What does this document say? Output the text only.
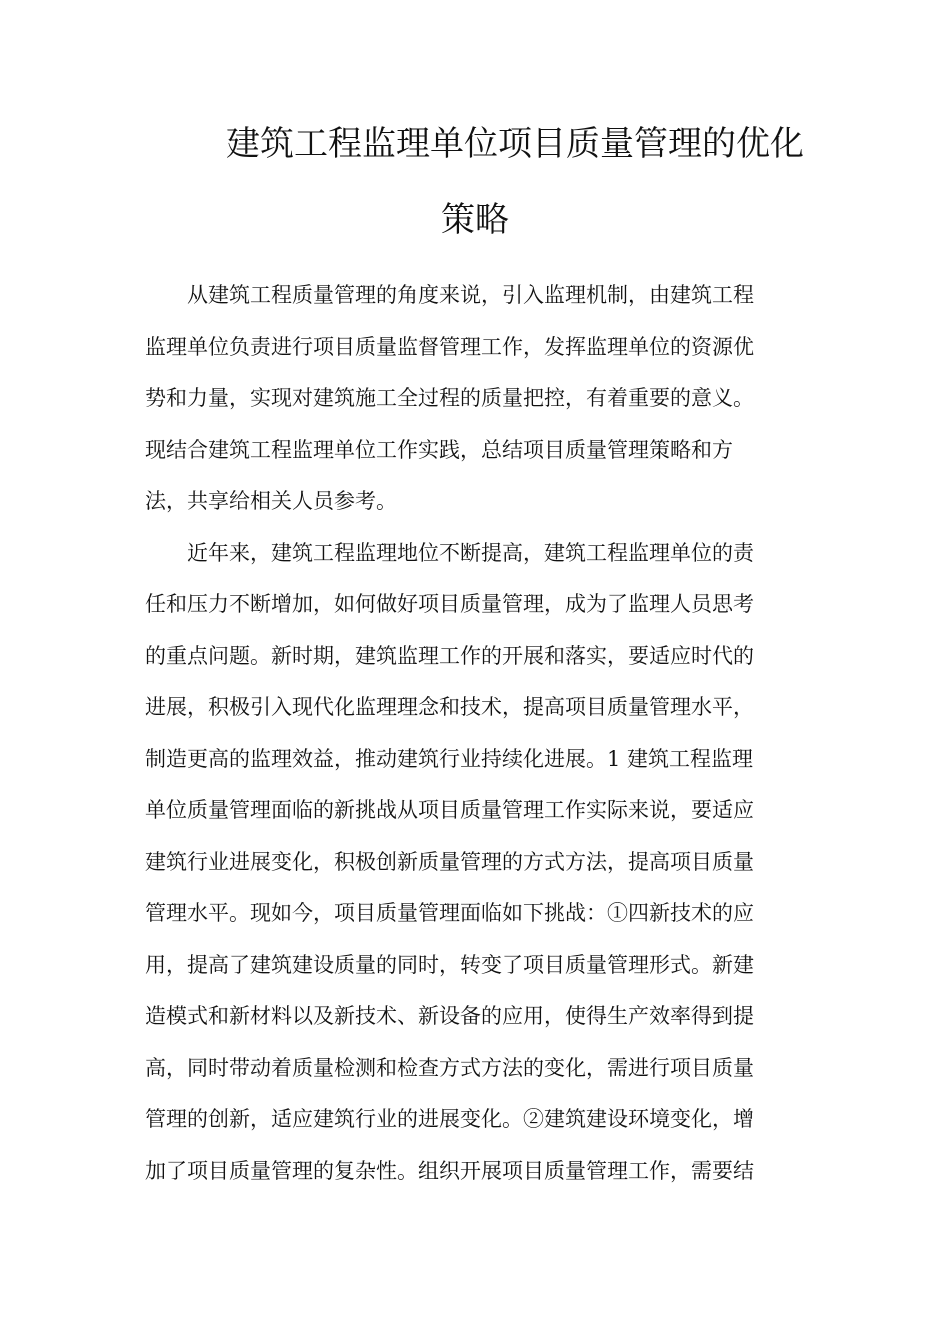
建筑工程监理单位项目质量管理的优化
策略
从建筑工程质量管理的角度来说，引入监理机制，由建筑工程
监理单位负责进行项目质量监督管理工作，发挥监理单位的资源优
势和力量，实现对建筑施工全过程的质量把控，有着重要的意义。
现结合建筑工程监理单位工作实践，总结项目质量管理策略和方
法，共享给相关人员参考。
近年来，建筑工程监理地位不断提高，建筑工程监理单位的责
任和压力不断增加，如何做好项目质量管理，成为了监理人员思考
的重点问题。新时期，建筑监理工作的开展和落实，要适应时代的
进展，积极引入现代化监理理念和技术，提高项目质量管理水平，
制造更高的监理效益，推动建筑行业持续化进展。1 建筑工程监理
单位质量管理面临的新挑战从项目质量管理工作实际来说，要适应
建筑行业进展变化，积极创新质量管理的方式方法，提高项目质量
管理水平。现如今，项目质量管理面临如下挑战：①四新技术的应
用，提高了建筑建设质量的同时，转变了项目质量管理形式。新建
造模式和新材料以及新技术、新设备的应用，使得生产效率得到提
高，同时带动着质量检测和检查方式方法的变化，需进行项目质量
管理的创新，适应建筑行业的进展变化。②建筑建设环境变化，增
加了项目质量管理的复杂性。组织开展项目质量管理工作，需要结
